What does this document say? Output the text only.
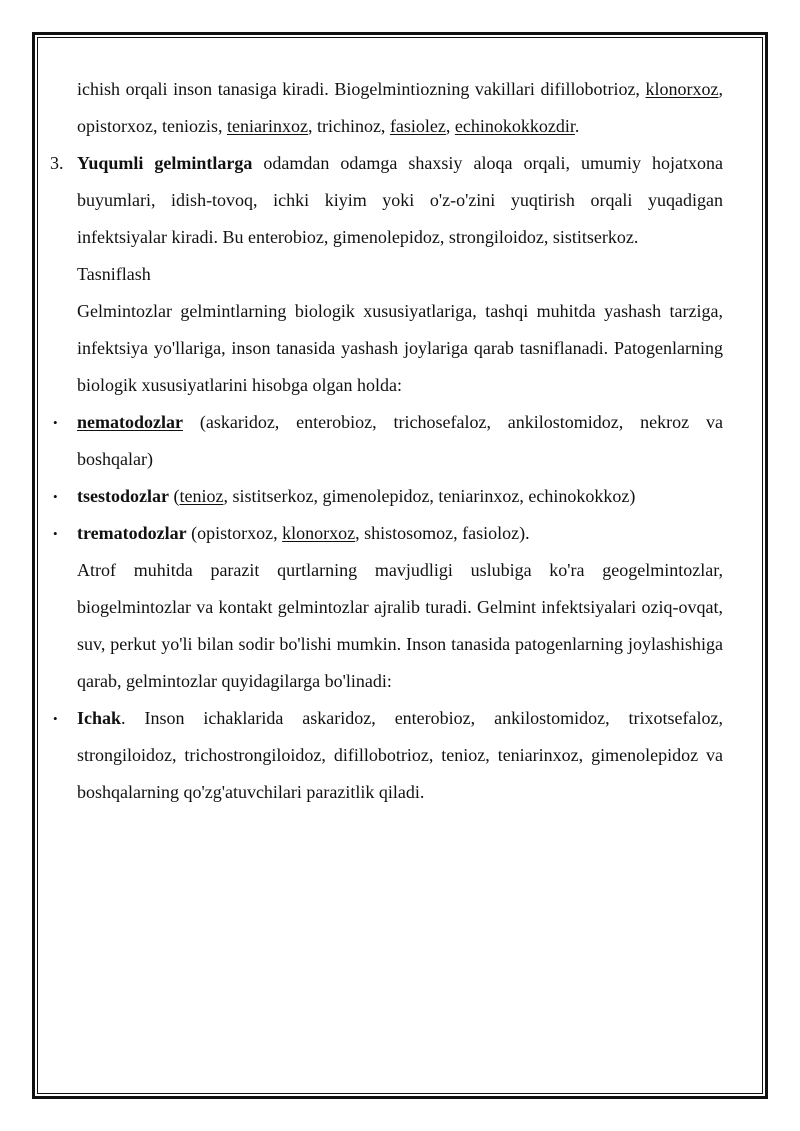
ichish orqali inson tanasiga kiradi. Biogelmintiozning vakillari difillobotrioz, klonorxoz, opistorxoz, teniozis, teniarinxoz, trichinoz, fasiolez, echinokokkozdir.

3. Yuqumli gelmintlarga odamdan odamga shaxsiy aloqa orqali, umumiy hojatxona buyumlari, idish-tovoq, ichki kiyim yoki o'z-o'zini yuqtirish orqali yuqadigan infektsiyalar kiradi. Bu enterobioz, gimenolepidoz, strongiloidoz, sistitserkoz.

Tasniflash

Gelmintozlar gelmintlarning biologik xususiyatlariga, tashqi muhitda yashash tarziga, infektsiya yo'llariga, inson tanasida yashash joylariga qarab tasniflanadi. Patogenlarning biologik xususiyatlarini hisobga olgan holda:

• nematodozlar (askaridoz, enterobioz, trichosefaloz, ankilostomidoz, nekroz va boshqalar)

• tsestodozlar (tenioz, sistitserkoz, gimenolepidoz, teniarinxoz, echinokokkoz)

• trematodozlar (opistorxoz, klonorxoz, shistosomoz, fasioloz).

Atrof muhitda parazit qurtlarning mavjudligi uslubiga ko'ra geogelmintozlar, biogelmintozlar va kontakt gelmintozlar ajralib turadi. Gelmint infektsiyalari oziq-ovqat, suv, perkut yo'li bilan sodir bo'lishi mumkin. Inson tanasida patogenlarning joylashishiga qarab, gelmintozlar quyidagilarga bo'linadi:

• Ichak. Inson ichaklarida askaridoz, enterobioz, ankilostomidoz, trixotsefaloz, strongiloidoz, trichostrongiloidoz, difillobotrioz, tenioz, teniarinxoz, gimenolepidoz va boshqalarning qo'zg'atuvchilari parazitlik qiladi.
